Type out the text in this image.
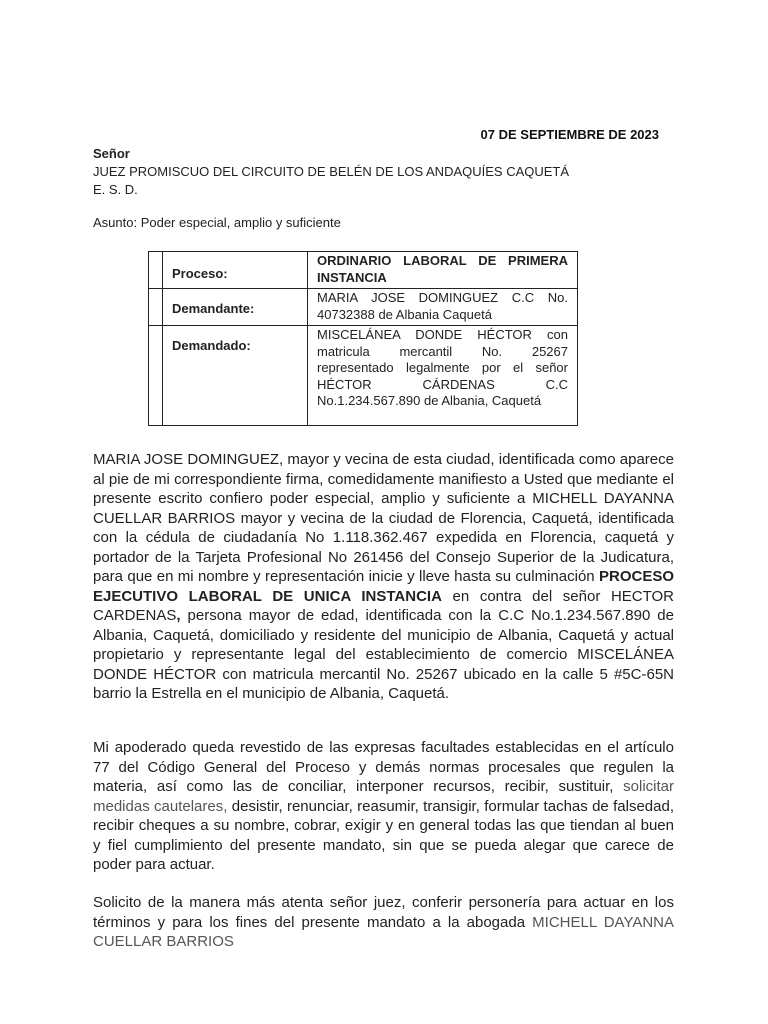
07 DE SEPTIEMBRE DE 2023
Señor
JUEZ PROMISCUO DEL CIRCUITO DE BELÉN DE LOS ANDAQUÍES CAQUETÁ
E. S. D.
Asunto: Poder especial, amplio y suficiente
	Proceso:	ORDINARIO LABORAL DE PRIMERA INSTANCIA
	Demandante:	MARIA JOSE DOMINGUEZ C.C No. 40732388 de Albania Caquetá
	Demandado:	MISCELÁNEA DONDE HÉCTOR con matricula mercantil No. 25267 representado legalmente por el señor HÉCTOR CÁRDENAS C.C No.1.234.567.890 de Albania, Caquetá

MARIA JOSE DOMINGUEZ, mayor y vecina de esta ciudad, identificada como aparece al pie de mi correspondiente firma, comedidamente manifiesto a Usted que mediante el presente escrito confiero poder especial, amplio y suficiente a MICHELL DAYANNA CUELLAR BARRIOS mayor y vecina de la ciudad de Florencia, Caquetá, identificada con la cédula de ciudadanía No 1.118.362.467 expedida en Florencia, caquetá y portador de la Tarjeta Profesional No 261456 del Consejo Superior de la Judicatura, para que en mi nombre y representación inicie y lleve hasta su culminación PROCESO EJECUTIVO LABORAL DE UNICA INSTANCIA en contra del señor HECTOR CARDENAS, persona mayor de edad, identificada con la C.C No.1.234.567.890 de Albania, Caquetá, domiciliado y residente del municipio de Albania, Caquetá y actual propietario y representante legal del establecimiento de comercio MISCELÁNEA DONDE HÉCTOR con matricula mercantil No. 25267 ubicado en la calle 5 #5C-65N barrio la Estrella en el municipio de Albania, Caquetá.

Mi apoderado queda revestido de las expresas facultades establecidas en el artículo 77 del Código General del Proceso y demás normas procesales que regulen la materia, así como las de conciliar, interponer recursos, recibir, sustituir, solicitar medidas cautelares, desistir, renunciar, reasumir, transigir, formular tachas de falsedad, recibir cheques a su nombre, cobrar, exigir y en general todas las que tiendan al buen y fiel cumplimiento del presente mandato, sin que se pueda alegar que carece de poder para actuar.

Solicito de la manera más atenta señor juez, conferir personería para actuar en los términos y para los fines del presente mandato a la abogada MICHELL DAYANNA CUELLAR BARRIOS
